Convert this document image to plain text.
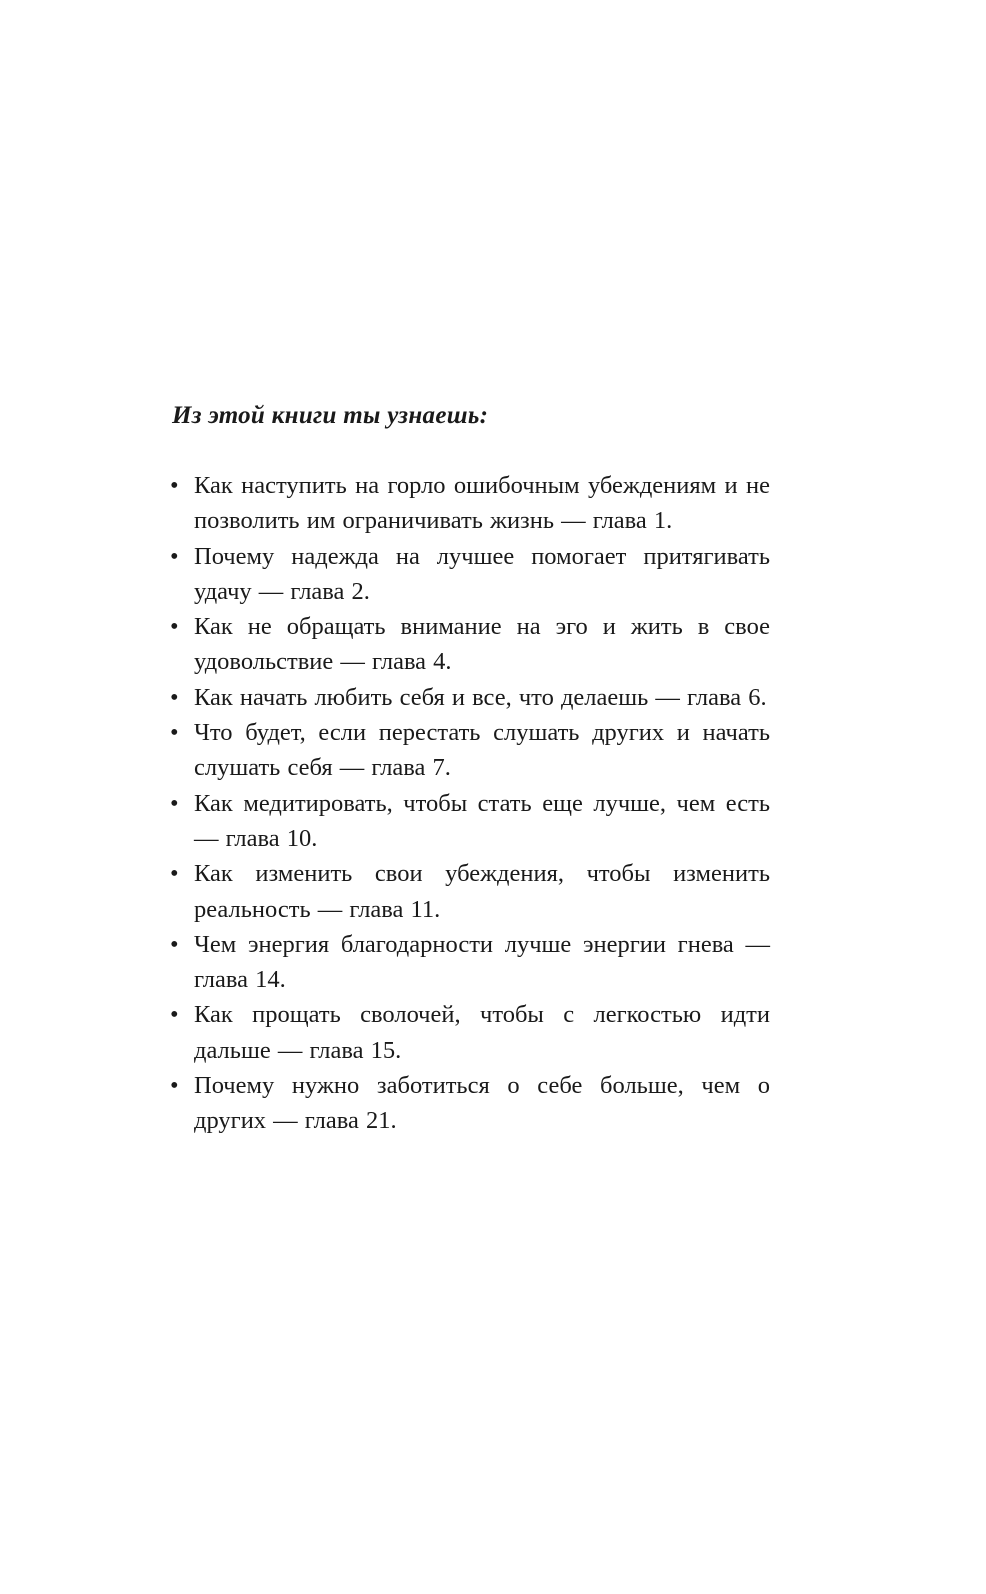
Из этой книги ты узнаешь:
• Как наступить на горло ошибочным убеждениям и не позволить им ограничивать жизнь — глава 1.
• Почему надежда на лучшее помогает притягивать удачу — глава 2.
• Как не обращать внимание на эго и жить в свое удовольствие — глава 4.
• Как начать любить себя и все, что делаешь — глава 6.
• Что будет, если перестать слушать других и начать слушать себя — глава 7.
• Как медитировать, чтобы стать еще лучше, чем есть — глава 10.
• Как изменить свои убеждения, чтобы изменить реальность — глава 11.
• Чем энергия благодарности лучше энергии гнева — глава 14.
• Как прощать сволочей, чтобы с легкостью идти дальше — глава 15.
• Почему нужно заботиться о себе больше, чем о других — глава 21.
